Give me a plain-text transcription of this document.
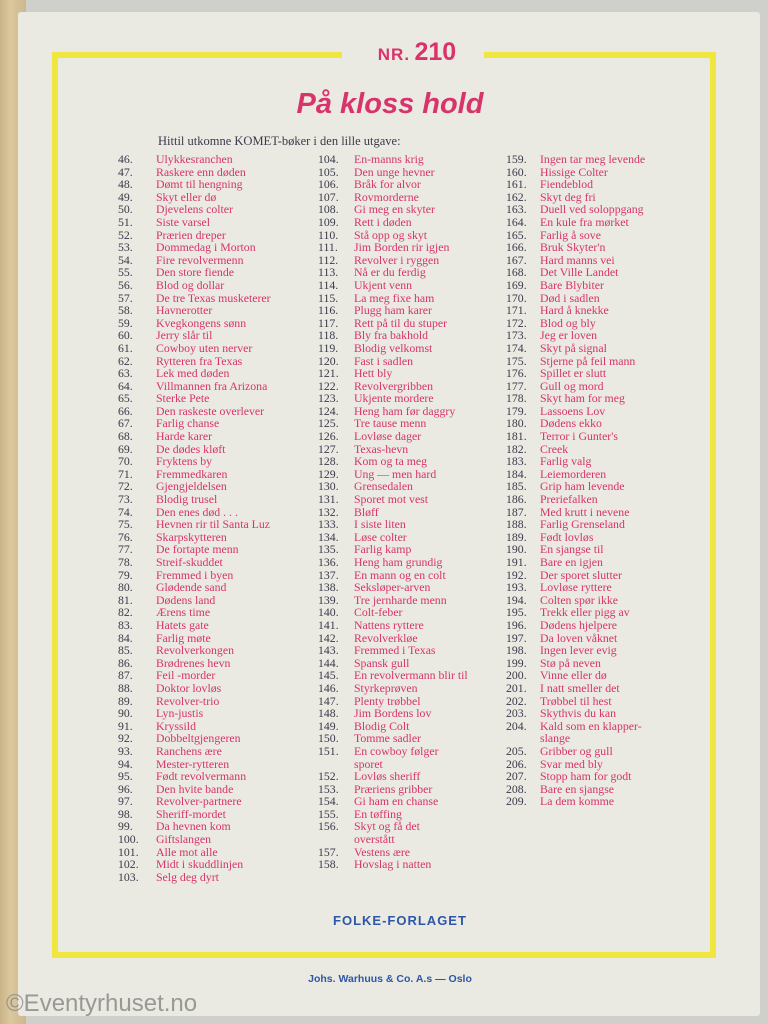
NR. 210
På kloss hold
Hittil utkomne KOMET-bøker i den lille utgave:
46.	Ulykkesranchen
47.	Raskere enn døden
48.	Dømt til hengning
49.	Skyt eller dø
50.	Djevelens colter
51.	Siste varsel
52.	Prærien dreper
53.	Dommedag i Morton
54.	Fire revolvermenn
55.	Den store fiende
56.	Blod og dollar
57.	De tre Texas musketerer
58.	Havnerotter
59.	Kvegkongens sønn
60.	Jerry slår til
61.	Cowboy uten nerver
62.	Rytteren fra Texas
63.	Lek med døden
64.	Villmannen fra Arizona
65.	Sterke Pete
66.	Den raskeste overlever
67.	Farlig chanse
68.	Harde karer
69.	De dødes kløft
70.	Fryktens by
71.	Fremmedkaren
72.	Gjengjeldelsen
73.	Blodig trusel
74.	Den enes død . . .
75.	Hevnen rir til Santa Luz
76.	Skarpskytteren
77.	De fortapte menn
78.	Streif-skuddet
79.	Fremmed i byen
80.	Glødende sand
81.	Dødens land
82.	Ærens time
83.	Hatets gate
84.	Farlig møte
85.	Revolverkongen
86.	Brødrenes hevn
87.	Feil -morder
88.	Doktor lovløs
89.	Revolver-trio
90.	Lyn-justis
91.	Kryssild
92.	Dobbeltgjengeren
93.	Ranchens ære
94.	Mester-rytteren
95.	Født revolvermann
96.	Den hvite bande
97.	Revolver-partnere
98.	Sheriff-mordet
99.	Da hevnen kom
100.	Giftslangen
101.	Alle mot alle
102.	Midt i skuddlinjen
103.	Selg deg dyrt
104.	En-manns krig
105.	Den unge hevner
106.	Bråk for alvor
107.	Rovmorderne
108.	Gi meg en skyter
109.	Rett i døden
110.	Stå opp og skyt
111.	Jim Borden rir igjen
112.	Revolver i ryggen
113.	Nå er du ferdig
114.	Ukjent venn
115.	La meg fixe ham
116.	Plugg ham karer
117.	Rett på til du stuper
118.	Bly fra bakhold
119.	Blodig velkomst
120.	Fast i sadlen
121.	Hett bly
122.	Revolvergribben
123.	Ukjente mordere
124.	Heng ham før daggry
125.	Tre tause menn
126.	Lovløse dager
127.	Texas-hevn
128.	Kom og ta meg
129.	Ung — men hard
130.	Grensedalen
131.	Sporet mot vest
132.	Bløff
133.	I siste liten
134.	Løse colter
135.	Farlig kamp
136.	Heng ham grundig
137.	En mann og en colt
138.	Seksløper-arven
139.	Tre jernharde menn
140.	Colt-feber
141.	Nattens ryttere
142.	Revolverkløe
143.	Fremmed i Texas
144.	Spansk gull
145.	En revolvermann blir til
146.	Styrkeprøven
147.	Plenty trøbbel
148.	Jim Bordens lov
149.	Blodig Colt
150.	Tomme sadler
151.	En cowboy følger
sporet
152.	Lovløs sheriff
153.	Præriens gribber
154.	Gi ham en chanse
155.	En tøffing
156.	Skyt og få det
overstått
157.	Vestens ære
158.	Hovslag i natten
159.	Ingen tar meg levende
160.	Hissige Colter
161.	Fiendeblod
162.	Skyt deg fri
163.	Duell ved soloppgang
164.	En kule fra mørket
165.	Farlig å sove
166.	Bruk Skyter'n
167.	Hard manns vei
168.	Det Ville Landet
169.	Bare Blybiter
170.	Død i sadlen
171.	Hard å knekke
172.	Blod og bly
173.	Jeg er loven
174.	Skyt på signal
175.	Stjerne på feil mann
176.	Spillet er slutt
177.	Gull og mord
178.	Skyt ham for meg
179.	Lassoens Lov
180.	Dødens ekko
181.	Terror i Gunter's
182.	Creek
183.	Farlig valg
184.	Leiemorderen
185.	Grip ham levende
186.	Preriefalken
187.	Med krutt i nevene
188.	Farlig Grenseland
189.	Født lovløs
190.	En sjangse til
191.	Bare en igjen
192.	Der sporet slutter
193.	Lovløse ryttere
194.	Colten spør ikke
195.	Trekk eller pigg av
196.	Dødens hjelpere
197.	Da loven våknet
198.	Ingen lever evig
199.	Stø på neven
200.	Vinne eller dø
201.	I natt smeller det
202.	Trøbbel til hest
203.	Skythvis du kan
204.	Kald som en klapper-
slange
205.	Gribber og gull
206.	Svar med bly
207.	Stopp ham for godt
208.	Bare en sjangse
209.	La dem komme
FOLKE-FORLAGET
Johs. Warhuus & Co. A.s — Oslo
©Eventyrhuset.no
